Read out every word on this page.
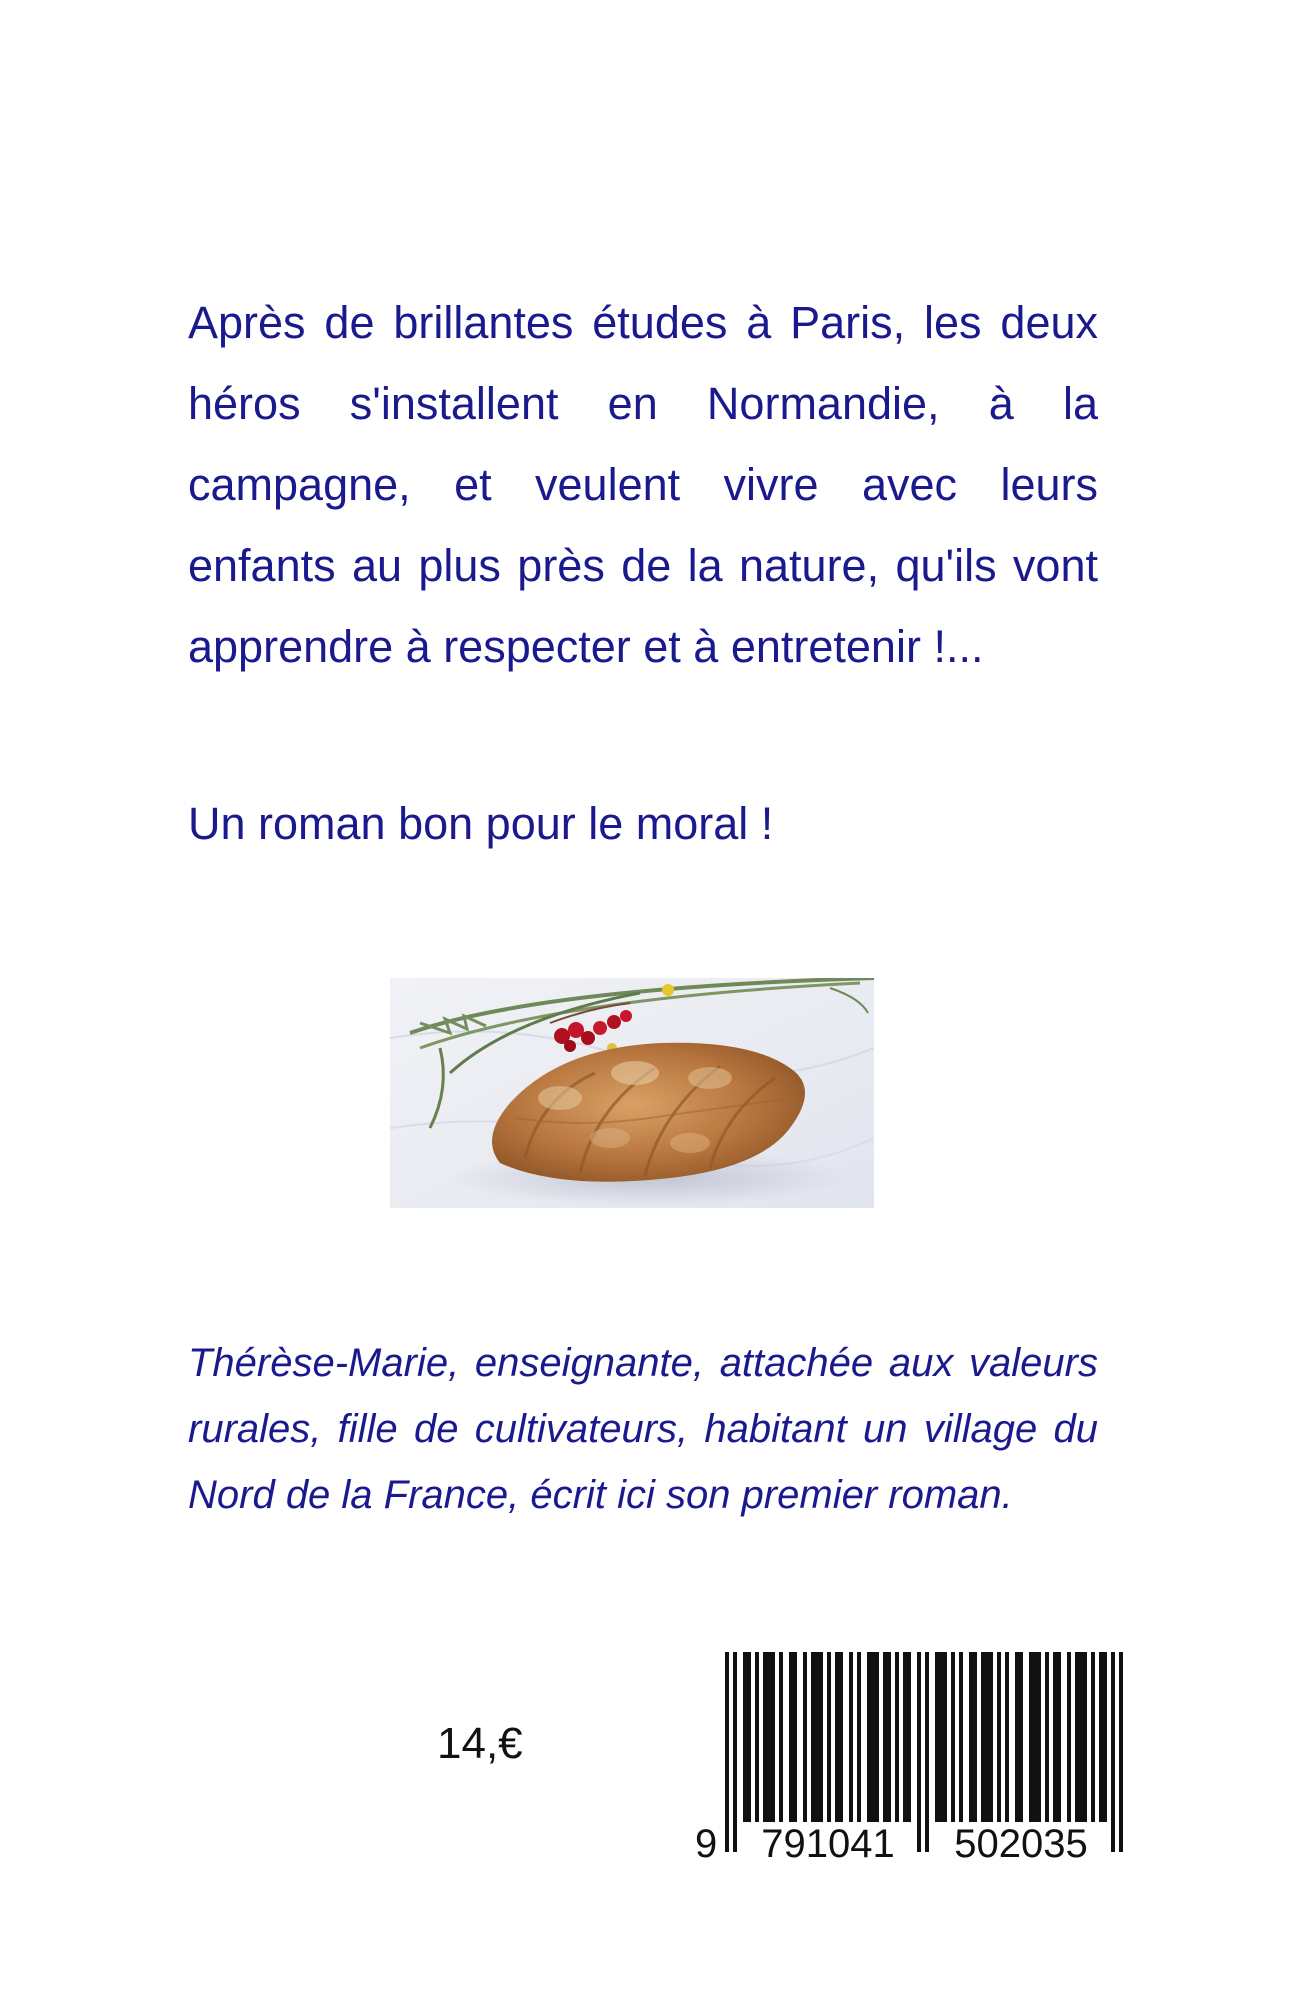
Après de brillantes études à Paris, les deux héros s'installent en Normandie, à la campagne, et veulent vivre avec leurs enfants au plus près de la nature, qu'ils vont apprendre à respecter et à entretenir !...

Un roman bon pour le moral !

Thérèse-Marie, enseignante, attachée aux valeurs rurales, fille de cultivateurs, habitant un village du Nord de la France, écrit ici son premier roman.

14,€

9	791041	502035
